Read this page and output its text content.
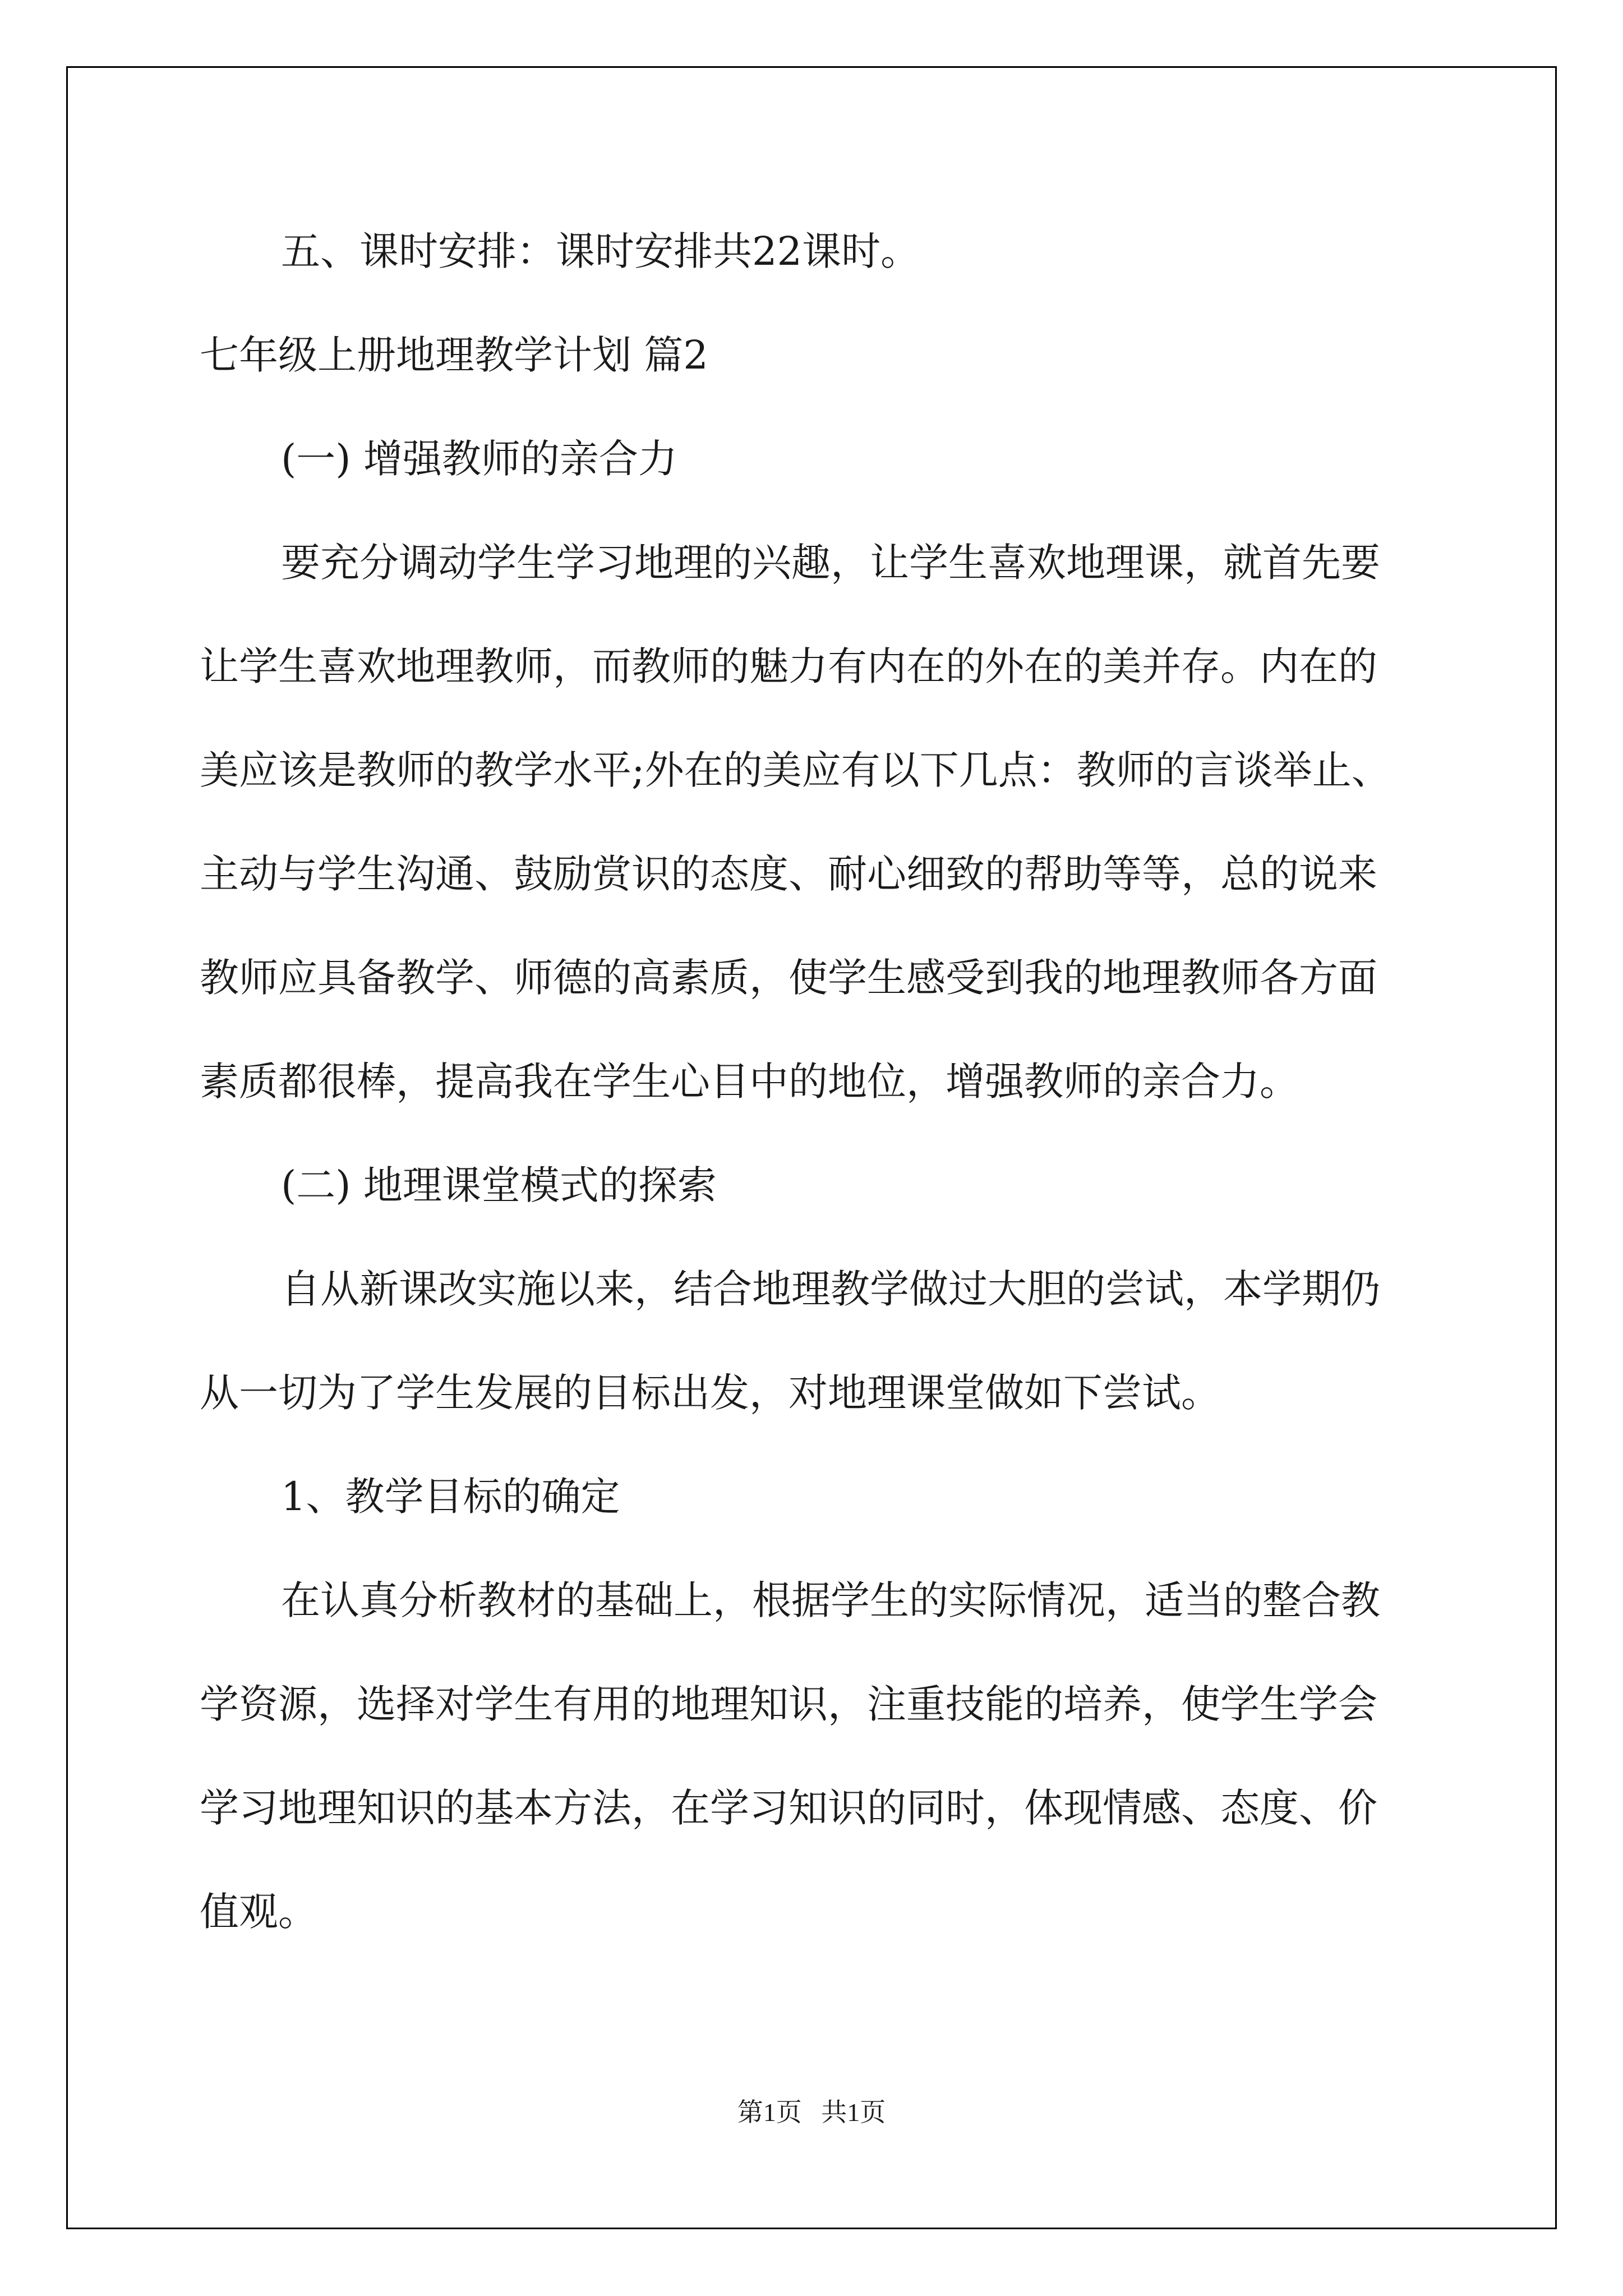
五、课时安排：课时安排共22课时。

七年级上册地理教学计划 篇2

(一) 增强教师的亲合力

要充分调动学生学习地理的兴趣，让学生喜欢地理课，就首先要

让学生喜欢地理教师，而教师的魅力有内在的外在的美并存。内在的

美应该是教师的教学水平;外在的美应有以下几点：教师的言谈举止、

主动与学生沟通、鼓励赏识的态度、耐心细致的帮助等等，总的说来

教师应具备教学、师德的高素质，使学生感受到我的地理教师各方面

素质都很棒，提高我在学生心目中的地位，增强教师的亲合力。

(二) 地理课堂模式的探索

自从新课改实施以来，结合地理教学做过大胆的尝试，本学期仍

从一切为了学生发展的目标出发，对地理课堂做如下尝试。

1、教学目标的确定

在认真分析教材的基础上，根据学生的实际情况，适当的整合教

学资源，选择对学生有用的地理知识，注重技能的培养，使学生学会

学习地理知识的基本方法，在学习知识的同时，体现情感、态度、价

值观。

第1页   共1页
